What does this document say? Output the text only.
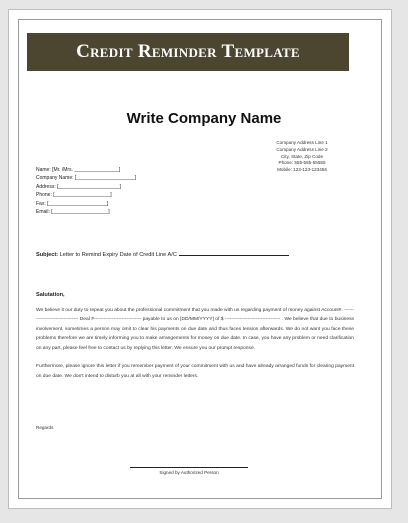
Credit Reminder Template
Write Company Name
Company Address Line 1
Company Address Line 2
City, State, Zip Code
Phone: 555-555-55555
Mobile: 123-123-123456
Name: [Mr. /Mrs. ________________]
Company Name: [_____________________]
Address: [______________________]
Phone: [____________________]
Fax: [_____________________]
Email: [____________________]
Subject: Letter to Remind Expiry Date of Credit Line A/C
Salutation,

We believe it our duty to repeat you about the professional commitment that you made with us regarding payment of money against Account#. -------------------------------- Deal #----------------------------- payable to us on [DD/MM/YYYY] of $ ---------------------------------- . We believe that due to business involvement, sometimes a person may omit to clear his payments on due date and thus faces tension afterwards. We do not want you face these problems therefore we are timely informing you to make arrangements for money on due date. In case, you have any problem or need clarification on any part, please feel free to contact us by replying this letter. We ensure you our prompt response.

Furthermore, please ignore this letter if you remember payment of your commitment with us and have already arranged funds for clearing payment on due date. We don't intend to disturb you at all with your reminder letters.

Regards
Signed by Authorized Person
